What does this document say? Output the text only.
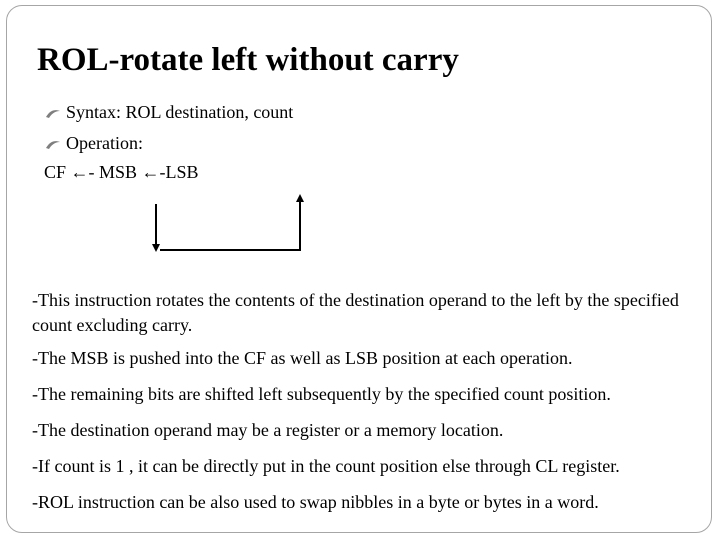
ROL-rotate left without carry
Syntax: ROL destination, count
Operation:
CF ←- MSB ←-LSB
-This instruction rotates the contents of the destination operand to the left by the specified count excluding carry.
-The MSB is pushed into the CF as well as LSB position at each operation.
-The remaining bits are shifted left subsequently by the specified count position.
-The destination operand may be a register or a memory location.
-If count is 1 , it can be directly put in the count position else through CL register.
-ROL instruction can be also used to swap nibbles in a byte or bytes in a word.
